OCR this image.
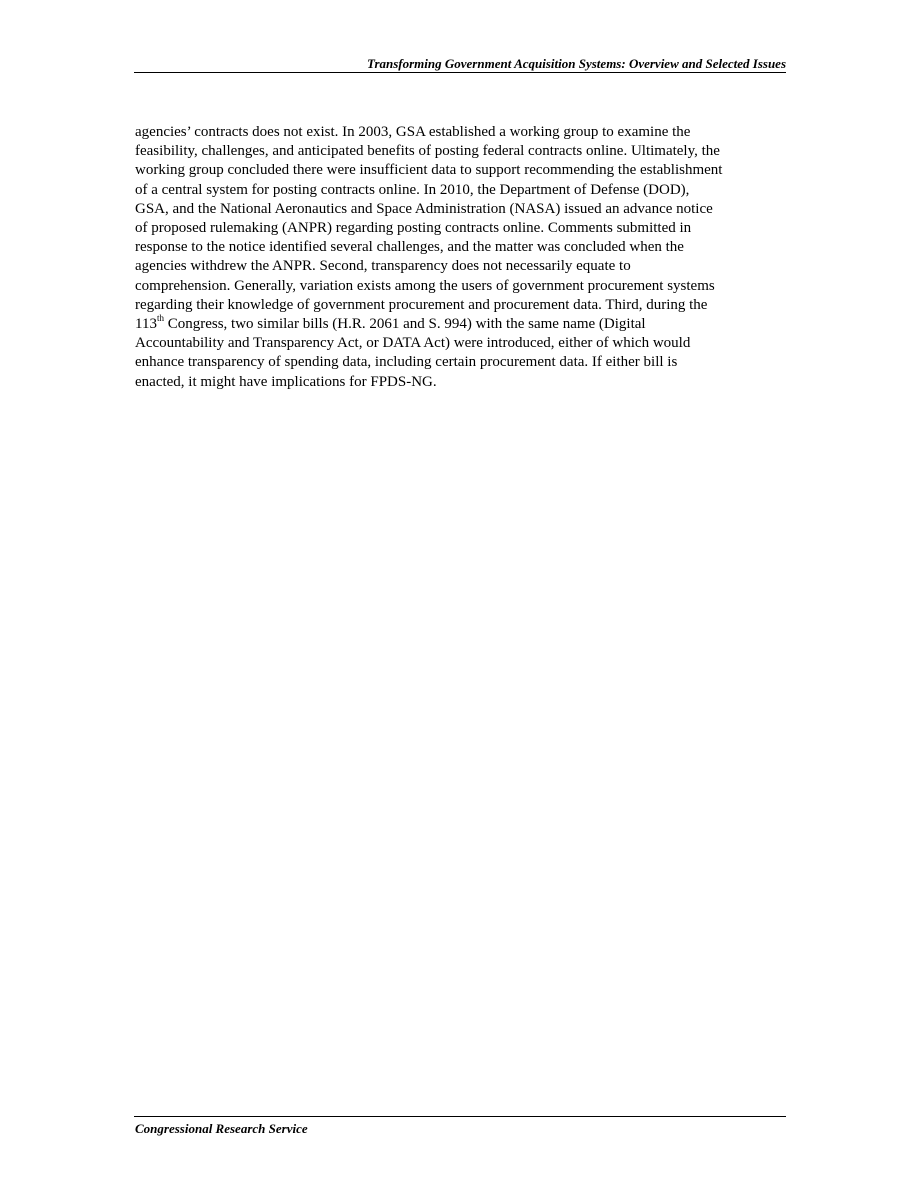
Transforming Government Acquisition Systems: Overview and Selected Issues

agencies’ contracts does not exist. In 2003, GSA established a working group to examine the
feasibility, challenges, and anticipated benefits of posting federal contracts online. Ultimately, the
working group concluded there were insufficient data to support recommending the establishment
of a central system for posting contracts online. In 2010, the Department of Defense (DOD),
GSA, and the National Aeronautics and Space Administration (NASA) issued an advance notice
of proposed rulemaking (ANPR) regarding posting contracts online. Comments submitted in
response to the notice identified several challenges, and the matter was concluded when the
agencies withdrew the ANPR. Second, transparency does not necessarily equate to
comprehension. Generally, variation exists among the users of government procurement systems
regarding their knowledge of government procurement and procurement data. Third, during the
113th Congress, two similar bills (H.R. 2061 and S. 994) with the same name (Digital
Accountability and Transparency Act, or DATA Act) were introduced, either of which would
enhance transparency of spending data, including certain procurement data. If either bill is
enacted, it might have implications for FPDS-NG.

Congressional Research Service
